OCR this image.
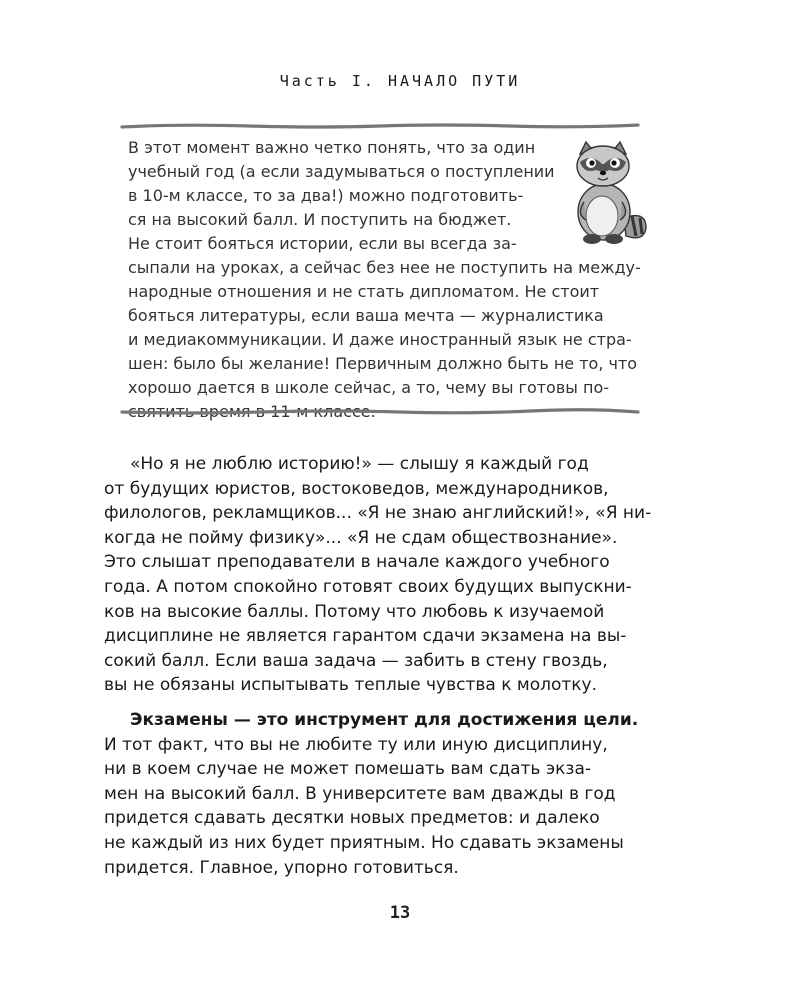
Часть I. НАЧАЛО ПУТИ
В этот момент важно четко понять, что за один
учебный год (а если задумываться о поступлении
в 10-м классе, то за два!) можно подготовить-
ся на высокий балл. И поступить на бюджет.
Не стоит бояться истории, если вы всегда за-
сыпали на уроках, а сейчас без нее не поступить на между-
народные отношения и не стать дипломатом. Не стоит
бояться литературы, если ваша мечта — журналистика
и медиакоммуникации. И даже иностранный язык не стра-
шен: было бы желание! Первичным должно быть не то, что
хорошо дается в школе сейчас, а то, чему вы готовы по-
святить время в 11-м классе.
«Но я не люблю историю!» — слышу я каждый год
от будущих юристов, востоковедов, международников,
филологов, рекламщиков... «Я не знаю английский!», «Я ни-
когда не пойму физику»... «Я не сдам обществознание».
Это слышат преподаватели в начале каждого учебного
года. А потом спокойно готовят своих будущих выпускни-
ков на высокие баллы. Потому что любовь к изучаемой
дисциплине не является гарантом сдачи экзамена на вы-
сокий балл. Если ваша задача — забить в стену гвоздь,
вы не обязаны испытывать теплые чувства к молотку.
Экзамены — это инструмент для достижения цели.
И тот факт, что вы не любите ту или иную дисциплину,
ни в коем случае не может помешать вам сдать экза-
мен на высокий балл. В университете вам дважды в год
придется сдавать десятки новых предметов: и далеко
не каждый из них будет приятным. Но сдавать экзамены
придется. Главное, упорно готовиться.
13
